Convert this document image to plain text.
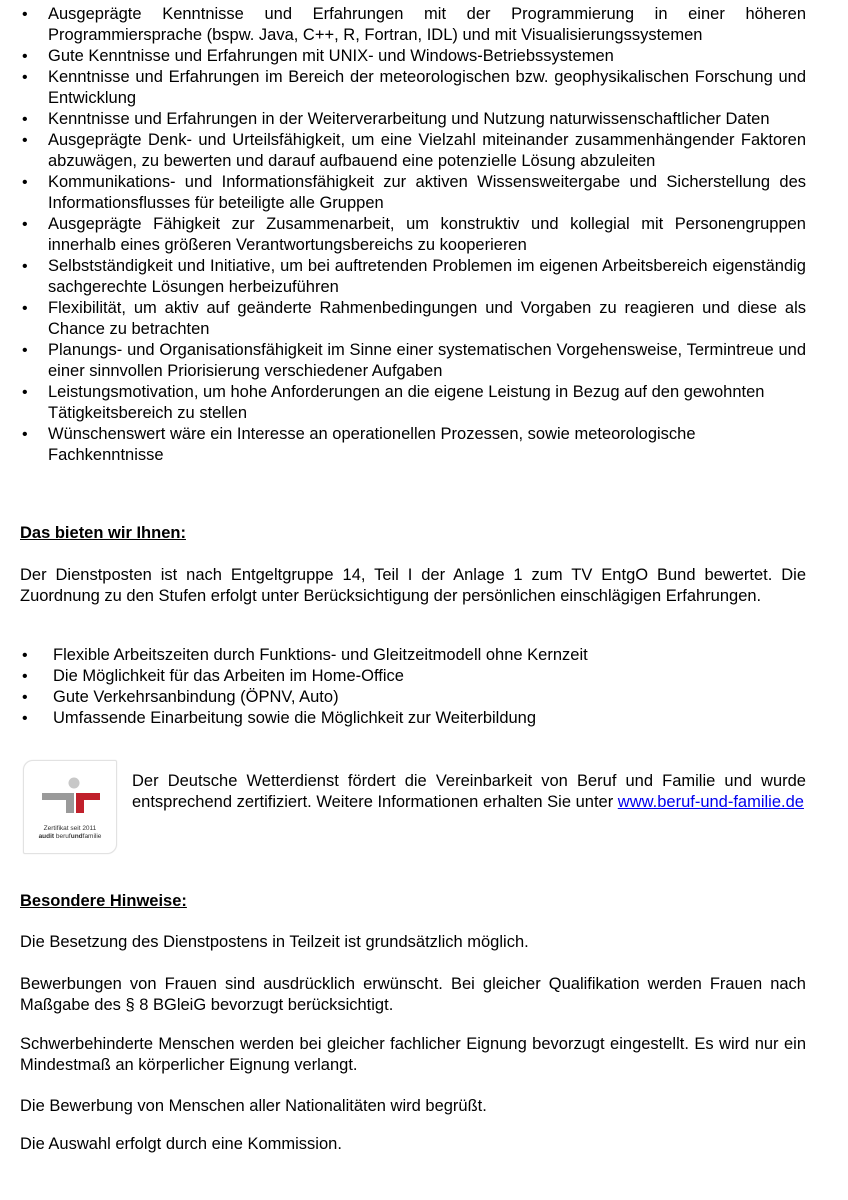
• Ausgeprägte Kenntnisse und Erfahrungen mit der Programmierung in einer höheren Programmiersprache (bspw. Java, C++, R, Fortran, IDL) und mit Visualisierungssystemen
• Gute Kenntnisse und Erfahrungen mit UNIX- und Windows-Betriebssystemen
• Kenntnisse und Erfahrungen im Bereich der meteorologischen bzw. geophysikalischen Forschung und Entwicklung
• Kenntnisse und Erfahrungen in der Weiterverarbeitung und Nutzung naturwissenschaftlicher Daten
• Ausgeprägte Denk- und Urteilsfähigkeit, um eine Vielzahl miteinander zusammenhängender Faktoren abzuwägen, zu bewerten und darauf aufbauend eine potenzielle Lösung abzuleiten
• Kommunikations- und Informationsfähigkeit zur aktiven Wissensweitergabe und Sicherstellung des Informationsflusses für beteiligte alle Gruppen
• Ausgeprägte Fähigkeit zur Zusammenarbeit, um konstruktiv und kollegial mit Personengruppen innerhalb eines größeren Verantwortungsbereichs zu kooperieren
• Selbstständigkeit und Initiative, um bei auftretenden Problemen im eigenen Arbeitsbereich eigenständig sachgerechte Lösungen herbeizuführen
• Flexibilität, um aktiv auf geänderte Rahmenbedingungen und Vorgaben zu reagieren und diese als Chance zu betrachten
• Planungs- und Organisationsfähigkeit im Sinne einer systematischen Vorgehensweise, Termintreue und einer sinnvollen Priorisierung verschiedener Aufgaben
• Leistungsmotivation, um hohe Anforderungen an die eigene Leistung in Bezug auf den gewohnten Tätigkeitsbereich zu stellen
• Wünschenswert wäre ein Interesse an operationellen Prozessen, sowie meteorologische Fachkenntnisse
Das bieten wir Ihnen:

Der Dienstposten ist nach Entgeltgruppe 14, Teil I der Anlage 1 zum TV EntgO Bund bewertet. Die Zuordnung zu den Stufen erfolgt unter Berücksichtigung der persönlichen einschlägigen Erfahrungen.

• Flexible Arbeitszeiten durch Funktions- und Gleitzeitmodell ohne Kernzeit
• Die Möglichkeit für das Arbeiten im Home-Office
• Gute Verkehrsanbindung (ÖPNV, Auto)
• Umfassende Einarbeitung sowie die Möglichkeit zur Weiterbildung
Zertifikat seit 2011
audit berufundfamilie

Der Deutsche Wetterdienst fördert die Vereinbarkeit von Beruf und Familie und wurde entsprechend zertifiziert. Weitere Informationen erhalten Sie unter www.beruf-und-familie.de

Besondere Hinweise:

Die Besetzung des Dienstpostens in Teilzeit ist grundsätzlich möglich.

Bewerbungen von Frauen sind ausdrücklich erwünscht. Bei gleicher Qualifikation werden Frauen nach Maßgabe des § 8 BGleiG bevorzugt berücksichtigt.

Schwerbehinderte Menschen werden bei gleicher fachlicher Eignung bevorzugt eingestellt. Es wird nur ein Mindestmaß an körperlicher Eignung verlangt.

Die Bewerbung von Menschen aller Nationalitäten wird begrüßt.

Die Auswahl erfolgt durch eine Kommission.
